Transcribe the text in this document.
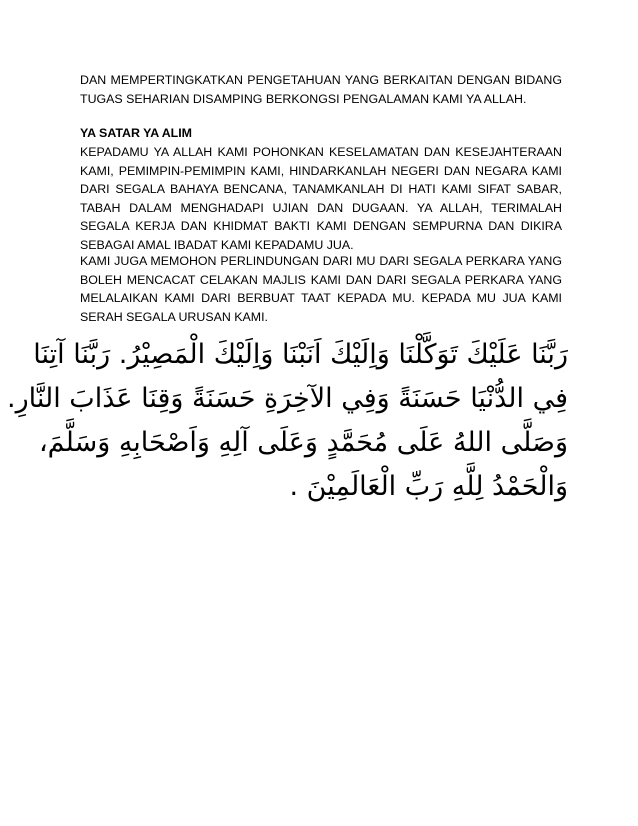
DAN MEMPERTINGKATKAN PENGETAHUAN YANG BERKAITAN DENGAN BIDANG TUGAS SEHARIAN DISAMPING BERKONGSI PENGALAMAN KAMI YA ALLAH.

YA SATAR YA ALIM

KEPADAMU YA ALLAH KAMI POHONKAN KESELAMATAN DAN KESEJAHTERAAN KAMI, PEMIMPIN-PEMIMPIN KAMI, HINDARKANLAH NEGERI DAN NEGARA KAMI DARI SEGALA BAHAYA BENCANA, TANAMKANLAH DI HATI KAMI SIFAT SABAR, TABAH DALAM MENGHADAPI UJIAN DAN DUGAAN. YA ALLAH, TERIMALAH SEGALA KERJA DAN KHIDMAT BAKTI KAMI DENGAN SEMPURNA DAN DIKIRA SEBAGAI AMAL IBADAT KAMI KEPADAMU JUA.

KAMI JUGA MEMOHON PERLINDUNGAN DARI MU DARI SEGALA PERKARA YANG BOLEH MENCACAT CELAKAN MAJLIS KAMI DAN DARI SEGALA PERKARA YANG MELALAIKAN KAMI DARI BERBUAT TAAT KEPADA MU. KEPADA MU JUA KAMI SERAH SEGALA URUSAN KAMI.

رَبَّنَا عَلَيْكَ تَوَكَّلْنَا وَاِلَيْكَ اَنَبْنَا وَاِلَيْكَ الْمَصِيْرُ. رَبَّنَا آتِنَا
فِي الدُّنْيَا حَسَنَةً وَفِي الآخِرَةِ حَسَنَةً وَقِنَا عَذَابَ النَّارِ.
وَصَلَّى اللهُ عَلَى مُحَمَّدٍ وَعَلَى آلِهِ وَاَصْحَابِهِ وَسَلَّمَ،
وَالْحَمْدُ لِلَّهِ رَبِّ الْعَالَمِيْنَ .
